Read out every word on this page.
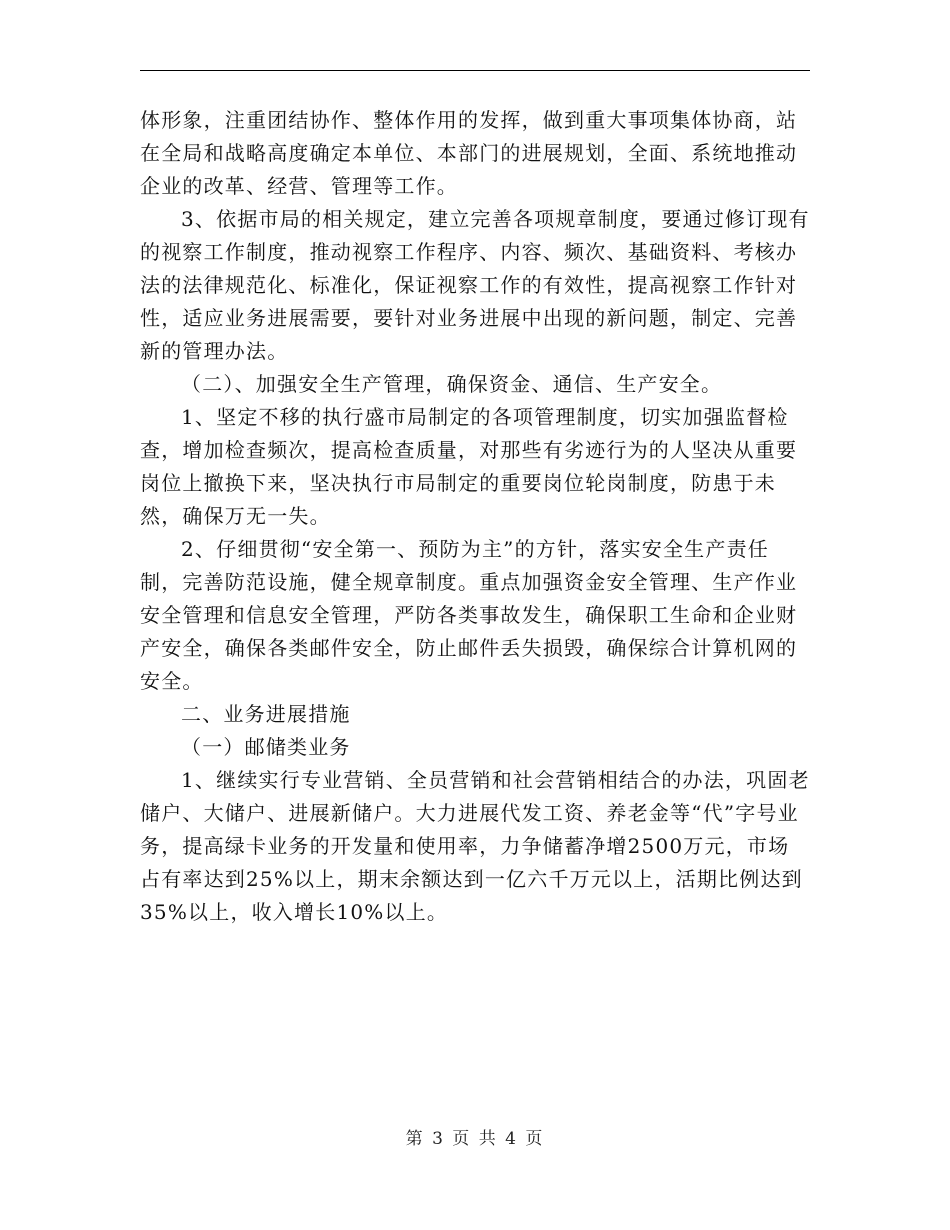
体形象，注重团结协作、整体作用的发挥，做到重大事项集体协商，站在全局和战略高度确定本单位、本部门的进展规划，全面、系统地推动企业的改革、经营、管理等工作。

3、依据市局的相关规定，建立完善各项规章制度，要通过修订现有的视察工作制度，推动视察工作程序、内容、频次、基础资料、考核办法的法律规范化、标准化，保证视察工作的有效性，提高视察工作针对性，适应业务进展需要，要针对业务进展中出现的新问题，制定、完善新的管理办法。

（二）、加强安全生产管理，确保资金、通信、生产安全。

1、坚定不移的执行盛市局制定的各项管理制度，切实加强监督检查，增加检查频次，提高检查质量，对那些有劣迹行为的人坚决从重要岗位上撤换下来，坚决执行市局制定的重要岗位轮岗制度，防患于未然，确保万无一失。

2、仔细贯彻“安全第一、预防为主”的方针，落实安全生产责任制，完善防范设施，健全规章制度。重点加强资金安全管理、生产作业安全管理和信息安全管理，严防各类事故发生，确保职工生命和企业财产安全，确保各类邮件安全，防止邮件丢失损毁，确保综合计算机网的安全。

二、业务进展措施

（一）邮储类业务

1、继续实行专业营销、全员营销和社会营销相结合的办法，巩固老储户、大储户、进展新储户。大力进展代发工资、养老金等“代”字号业务，提高绿卡业务的开发量和使用率，力争储蓄净增2500万元，市场占有率达到25%以上，期末余额达到一亿六千万元以上，活期比例达到35%以上，收入增长10%以上。

第 3 页 共 4 页
